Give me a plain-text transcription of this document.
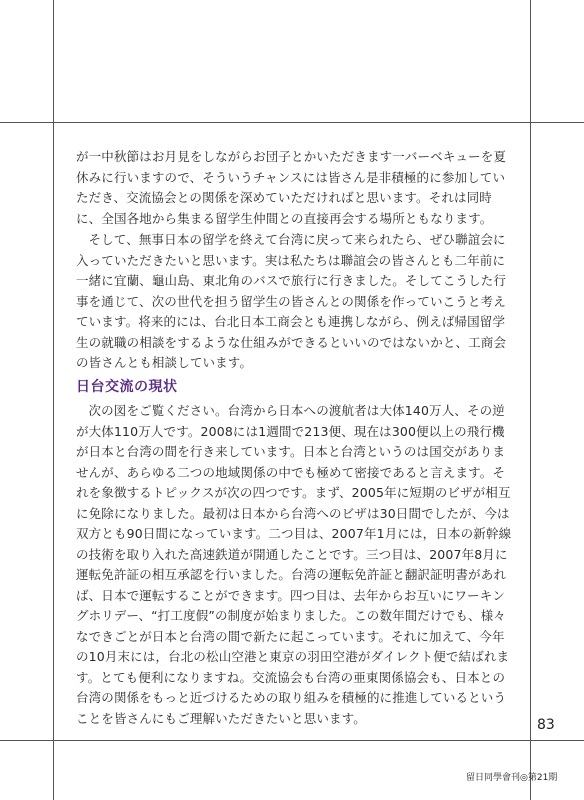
が一中秋節はお月見をしながらお団子とかいただきます一バーベキューを夏休みに行いますので、そういうチャンスには皆さん是非積極的に参加していただき、交流協会との関係を深めていただければと思います。それは同時に、全国各地から集まる留学生仲間との直接再会する場所ともなります。

そして、無事日本の留学を終えて台湾に戻って来られたら、ぜひ聯誼会に入っていただきたいと思います。実は私たちは聯誼会の皆さんとも二年前に一緒に宜蘭、龜山島、東北角のバスで旅行に行きました。そしてこうした行事を通じて、次の世代を担う留学生の皆さんとの関係を作っていこうと考えています。将来的には、台北日本工商会とも連携しながら、例えば帰国留学生の就職の相談をするような仕組みができるといいのではないかと、工商会の皆さんとも相談しています。

日台交流の現状

次の図をご覧ください。台湾から日本への渡航者は大体140万人、その逆が大体110万人です。2008には1週間で213便、現在は300便以上の飛行機が日本と台湾の間を行き来しています。日本と台湾というのは国交がありませんが、あらゆる二つの地域関係の中でも極めて密接であると言えます。それを象徴するトピックスが次の四つです。まず、2005年に短期のビザが相互に免除になりました。最初は日本から台湾へのビザは30日間でしたが、今は双方とも90日間になっています。二つ目は、2007年1月には，日本の新幹線の技術を取り入れた高速鉄道が開通したことです。三つ目は、2007年8月に運転免許証の相互承認を行いました。台湾の運転免許証と翻訳証明書があれば、日本で運転することができます。四つ目は、去年からお互いにワーキングホリデー、“打工度假”の制度が始まりました。この数年間だけでも、様々なできごとが日本と台湾の間で新たに起こっています。それに加えて、今年の10月末には，台北の松山空港と東京の羽田空港がダイレクト便で結ばれます。とても便利になりますね。交流協会も台湾の亜東関係協会も、日本との台湾の関係をもっと近づけるための取り組みを積極的に推進しているということを皆さんにもご理解いただきたいと思います。	83
留日同學會刊◎第21期
